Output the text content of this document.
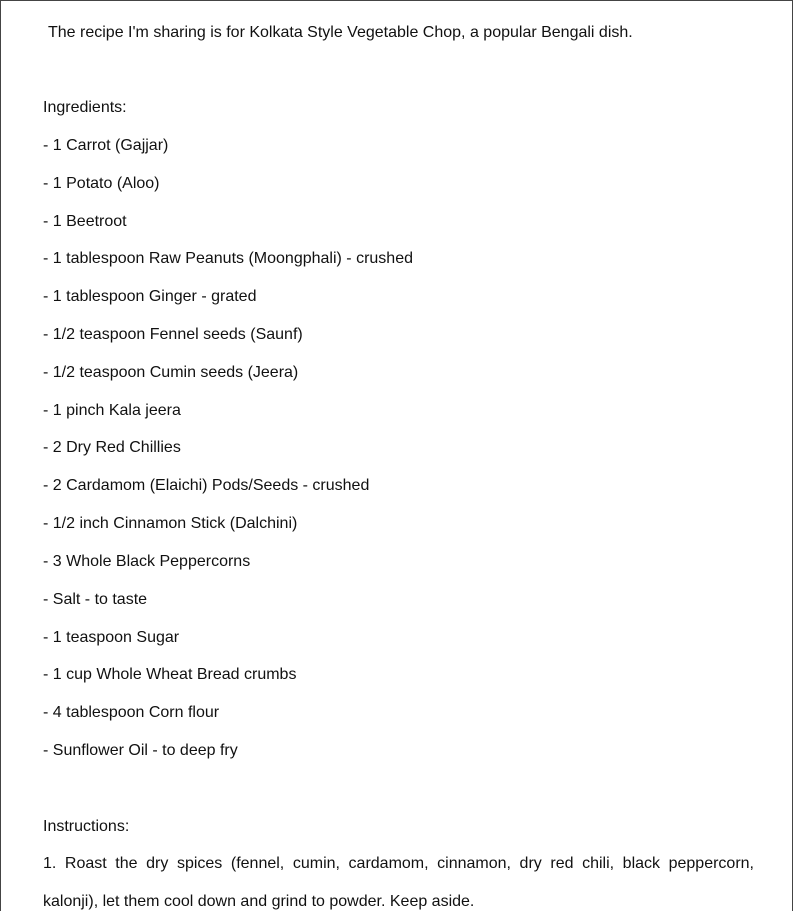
The recipe I'm sharing is for Kolkata Style Vegetable Chop, a popular Bengali dish.

Ingredients:

- 1 Carrot (Gajjar)

- 1 Potato (Aloo)

- 1 Beetroot

- 1 tablespoon Raw Peanuts (Moongphali) - crushed

- 1 tablespoon Ginger - grated

- 1/2 teaspoon Fennel seeds (Saunf)

- 1/2 teaspoon Cumin seeds (Jeera)

- 1 pinch Kala jeera

- 2 Dry Red Chillies

- 2 Cardamom (Elaichi) Pods/Seeds - crushed

- 1/2 inch Cinnamon Stick (Dalchini)

- 3 Whole Black Peppercorns

- Salt - to taste

- 1 teaspoon Sugar

- 1 cup Whole Wheat Bread crumbs

- 4 tablespoon Corn flour

- Sunflower Oil - to deep fry

Instructions:

1. Roast the dry spices (fennel, cumin, cardamom, cinnamon, dry red chili, black peppercorn,

kalonji), let them cool down and grind to powder. Keep aside.
